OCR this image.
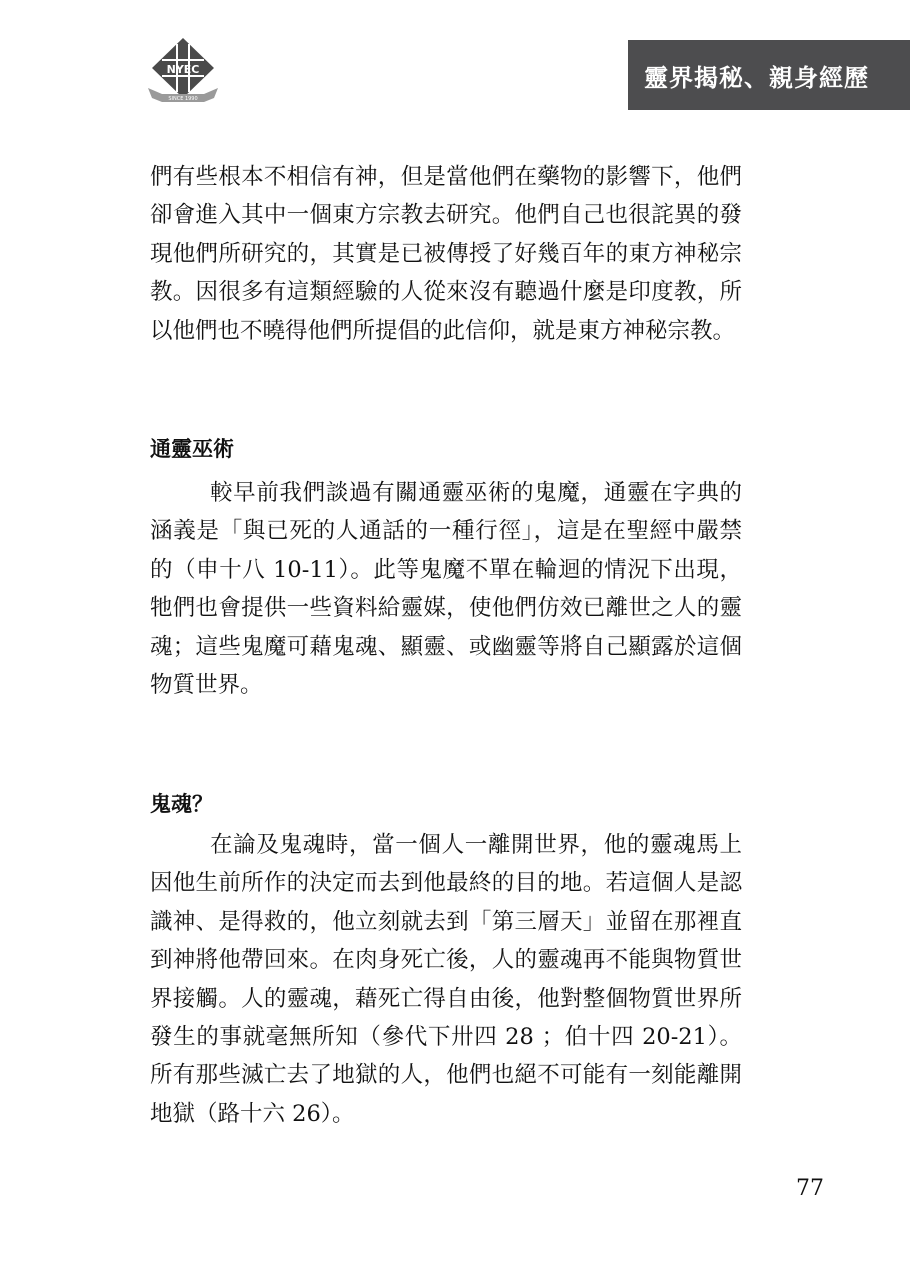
NYEC
SINCE 1990
靈界揭秘、親身經歷

們有些根本不相信有神，但是當他們在藥物的影響下，他們卻會進入其中一個東方宗教去研究。他們自己也很詫異的發現他們所研究的，其實是已被傳授了好幾百年的東方神秘宗教。因很多有這類經驗的人從來沒有聽過什麼是印度教，所以他們也不曉得他們所提倡的此信仰，就是東方神秘宗教。

通靈巫術

較早前我們談過有關通靈巫術的鬼魔，通靈在字典的涵義是「與已死的人通話的一種行徑」，這是在聖經中嚴禁的（申十八 10-11）。此等鬼魔不單在輪迴的情況下出現，牠們也會提供一些資料給靈媒，使他們仿效已離世之人的靈魂；這些鬼魔可藉鬼魂、顯靈、或幽靈等將自己顯露於這個物質世界。

鬼魂？

在論及鬼魂時，當一個人一離開世界，他的靈魂馬上因他生前所作的決定而去到他最終的目的地。若這個人是認識神、是得救的，他立刻就去到「第三層天」並留在那裡直到神將他帶回來。在肉身死亡後，人的靈魂再不能與物質世界接觸。人的靈魂，藉死亡得自由後，他對整個物質世界所發生的事就毫無所知（參代下卅四 28 ；伯十四 20-21）。所有那些滅亡去了地獄的人，他們也絕不可能有一刻能離開地獄（路十六 26）。

77
